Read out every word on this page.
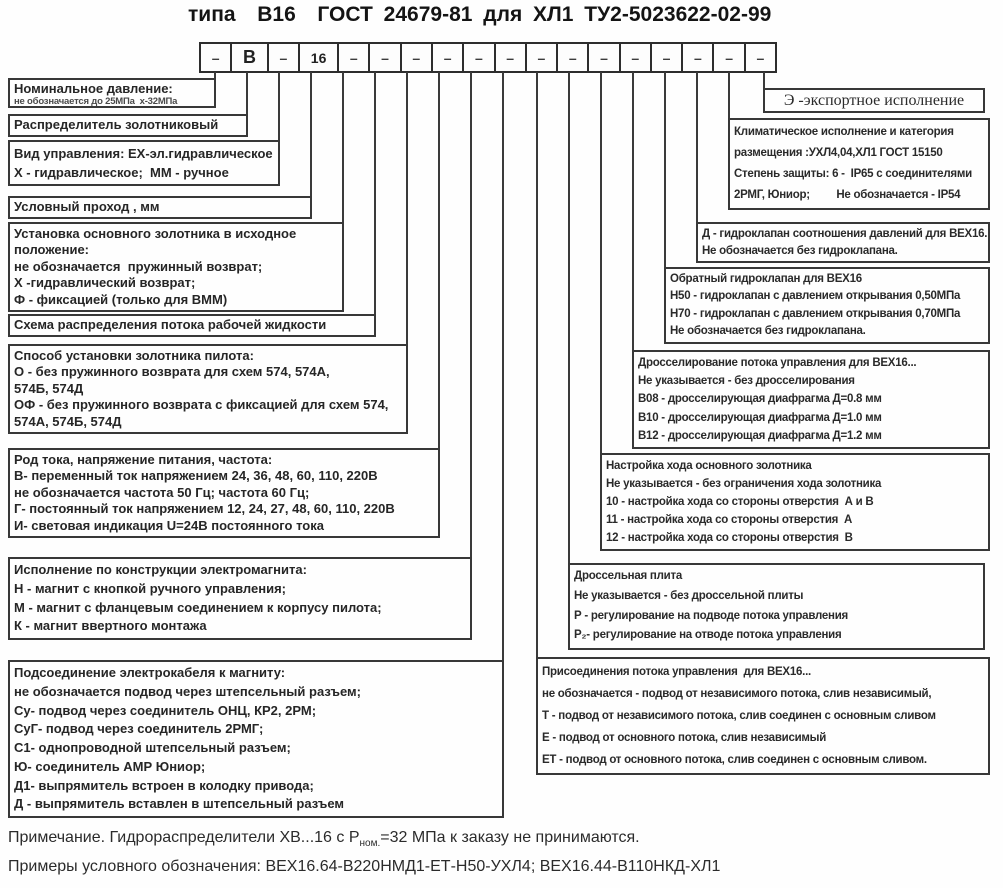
типа  В16  ГОСТ 24679-81 для ХЛ1 ТУ2-5023622-02-99
–	В	–	16	–	–	–	–	–	–	–	–	–	–	–	–	–	–
Примечание. Гидрораспределители ХВ...16 с $Р_{ном.}=32$ МПа к заказу не принимаются.
Примеры условного обозначения: ВЕХ16.64-В220НМД1-ЕТ-Н50-УХЛ4; ВЕХ16.44-В110НКД-ХЛ1
Номинальное давление:
не обозначается до 25МПа  х-32МПа
Распределитель золотниковый
Вид управления: ЕХ-эл.гидравлическое
Х - гидравлическое;  ММ - ручное
Условный проход , мм
Установка основного золотника в исходное
положение:
не обозначается  пружинный возврат;
Х -гидравлический возврат;
Ф - фиксацией (только для ВММ)
Схема распределения потока рабочей жидкости
Способ установки золотника пилота:
О - без пружинного возврата для схем 574, 574А,
574Б, 574Д
ОФ - без пружинного возврата с фиксацией для схем 574,
574А, 574Б, 574Д
Род тока, напряжение питания, частота:
В- переменный ток напряжением 24, 36, 48, 60, 110, 220В
не обозначается частота 50 Гц; частота 60 Гц;
Г- постоянный ток напряжением 12, 24, 27, 48, 60, 110, 220В
И- световая индикация U=24В постоянного тока
Исполнение по конструкции электромагнита:
Н - магнит с кнопкой ручного управления;
М - магнит с фланцевым соединением к корпусу пилота;
К - магнит ввертного монтажа
Подсоединение электрокабеля к магниту:
не обозначается подвод через штепсельный разъем;
Су- подвод через соединитель ОНЦ, КР2, 2РМ;
СуГ- подвод через соединитель 2РМГ;
С1- однопроводной штепсельный разъем;
Ю- соединитель АМР Юниор;
Д1- выпрямитель встроен в колодку привода;
Д - выпрямитель вставлен в штепсельный разъем
Э -экспортное исполнение
Климатическое исполнение и категория
размещения :УХЛ4,04,ХЛ1 ГОСТ 15150
Степень защиты: 6 -  IP65 с соединителями
2РМГ, Юниор;         Не обозначается - IP54
Д - гидроклапан соотношения давлений для ВЕХ16.
Не обозначается без гидроклапана.
Обратный гидроклапан для ВЕХ16
Н50 - гидроклапан с давлением открывания 0,50МПа
Н70 - гидроклапан с давлением открывания 0,70МПа
Не обозначается без гидроклапана.
Дросселирование потока управления для ВЕХ16...
Не указывается - без дросселирования
В08 - дросселирующая диафрагма Д=0.8 мм
В10 - дросселирующая диафрагма Д=1.0 мм
В12 - дросселирующая диафрагма Д=1.2 мм
Настройка хода основного золотника
Не указывается - без ограничения хода золотника
10 - настройка хода со стороны отверстия  А и В
11 - настройка хода со стороны отверстия  А
12 - настройка хода со стороны отверстия  В
Дроссельная плита
Не указывается - без дроссельной плиты
Р - регулирование на подводе потока управления
Р₂- регулирование на отводе потока управления
Присоединения потока управления  для ВЕХ16...
не обозначается - подвод от независимого потока, слив независимый,
Т - подвод от независимого потока, слив соединен с основным сливом
Е - подвод от основного потока, слив независимый
ЕТ - подвод от основного потока, слив соединен с основным сливом.
